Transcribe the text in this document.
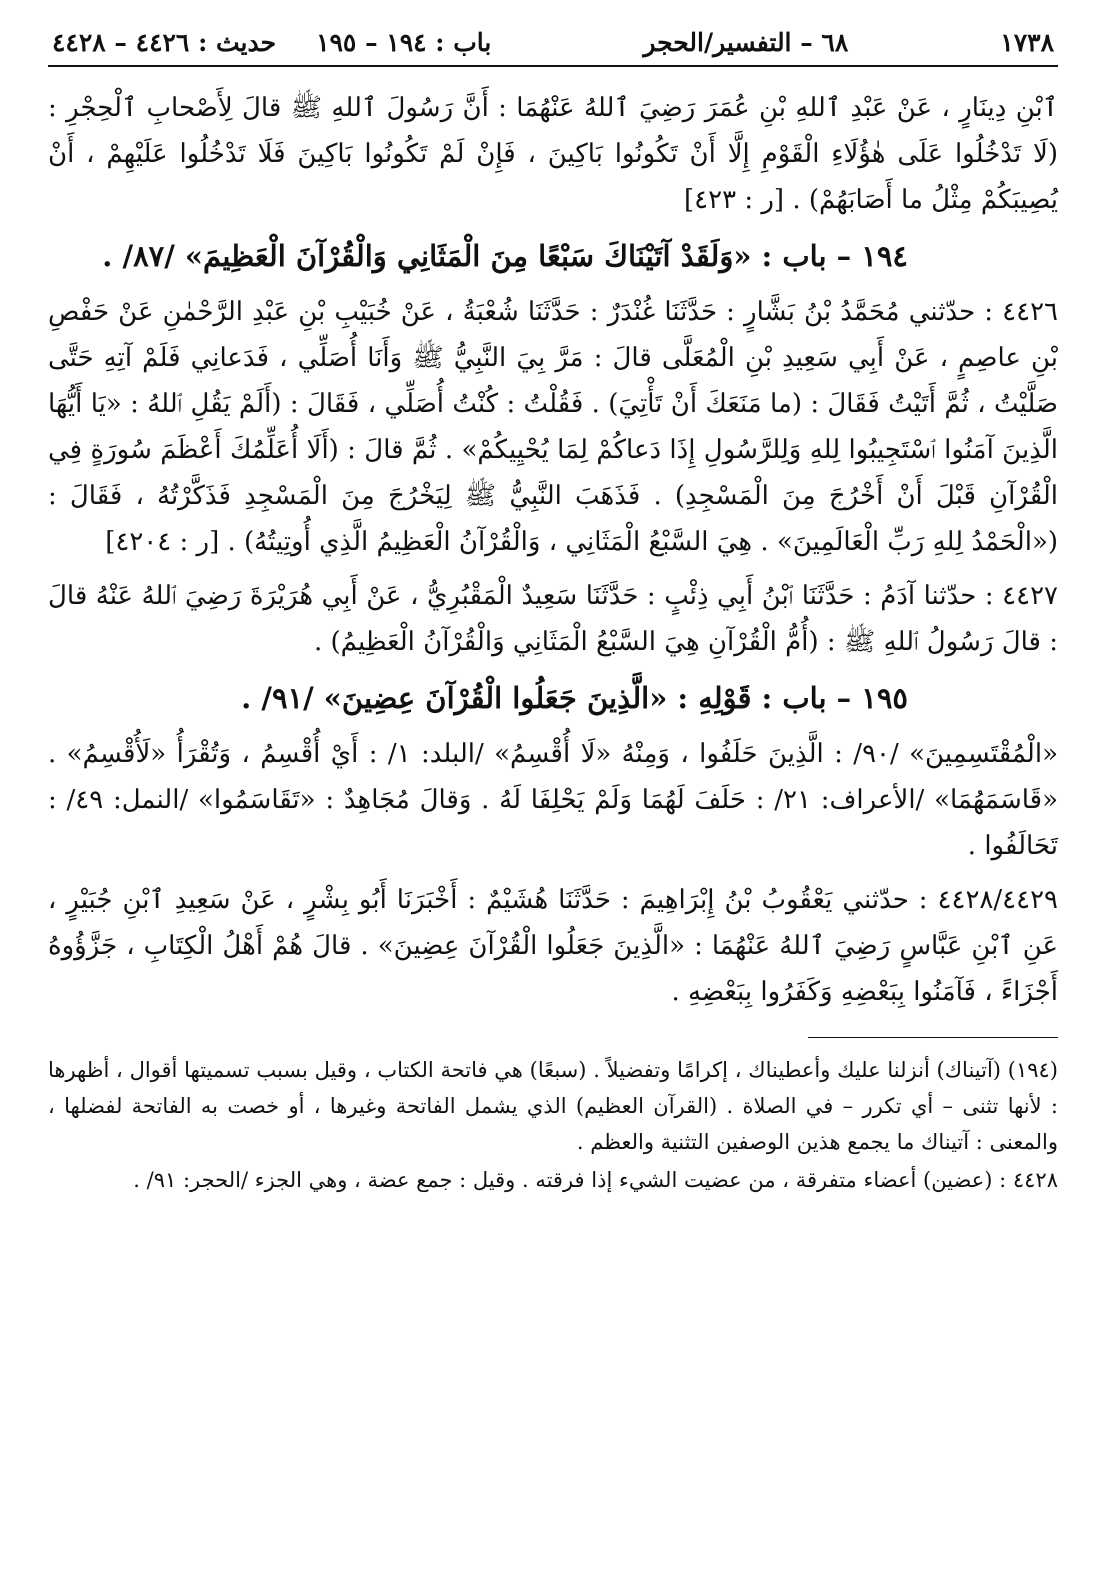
١٧٣٨
٦٨ – التفسير/الحجر
باب : ١٩٤ – ١٩٥
حديث : ٤٤٢٦ – ٤٤٢٨

ٱبْنِ دِينَارٍ ، عَنْ عَبْدِ ٱللهِ بْنِ عُمَرَ رَضِيَ ٱللهُ عَنْهُمَا : أَنَّ رَسُولَ ٱللهِ ﷺ قالَ لِأَصْحابِ ٱلْحِجْرِ : (لَا تَدْخُلُوا عَلَى هٰؤُلَاءِ الْقَوْمِ إِلَّا أَنْ تَكُونُوا بَاكِينَ ، فَإِنْ لَمْ تَكُونُوا بَاكِينَ فَلَا تَدْخُلُوا عَلَيْهِمْ ، أَنْ يُصِيبَكُمْ مِثْلُ ما أَصَابَهُمْ) . [ر : ٤٢٣]

١٩٤ – باب : «وَلَقَدْ آتَيْنَاكَ سَبْعًا مِنَ الْمَثَانِي وَالْقُرْآنَ الْعَظِيمَ» /٨٧/ .

٤٤٢٦ : حدّثني مُحَمَّدُ بْنُ بَشَّارٍ : حَدَّثَنَا غُنْدَرٌ : حَدَّثَنَا شُعْبَةُ ، عَنْ خُبَيْبِ بْنِ عَبْدِ الرَّحْمٰنِ عَنْ حَفْصِ بْنِ عاصِمٍ ، عَنْ أَبِي سَعِيدِ بْنِ الْمُعَلَّى قالَ : مَرَّ بِيَ النَّبِيُّ ﷺ وَأَنَا أُصَلِّي ، فَدَعانِي فَلَمْ آتِهِ حَتَّى صَلَّيْتُ ، ثُمَّ أَتَيْتُ فَقَالَ : (ما مَنَعَكَ أَنْ تَأْتِيَ) . فَقُلْتُ : كُنْتُ أُصَلِّي ، فَقَالَ : (أَلَمْ يَقُلِ ٱللهُ : «يَا أَيُّهَا الَّذِينَ آمَنُوا ٱسْتَجِيبُوا لِلهِ وَلِلرَّسُولِ إِذَا دَعاكُمْ لِمَا يُحْيِيكُمْ» . ثُمَّ قالَ : (أَلَا أُعَلِّمُكَ أَعْظَمَ سُورَةٍ فِي الْقُرْآنِ قَبْلَ أَنْ أَخْرُجَ مِنَ الْمَسْجِدِ) . فَذَهَبَ النَّبِيُّ ﷺ لِيَخْرُجَ مِنَ الْمَسْجِدِ فَذَكَّرْتُهُ ، فَقَالَ : («الْحَمْدُ لِلهِ رَبِّ الْعَالَمِينَ» . هِيَ السَّبْعُ الْمَثَانِي ، وَالْقُرْآنُ الْعَظِيمُ الَّذِي أُوتِيتُهُ) . [ر : ٤٢٠٤]

٤٤٢٧ : حدّثنا آدَمُ : حَدَّثَنَا ٱبْنُ أَبِي ذِئْبٍ : حَدَّثَنَا سَعِيدٌ الْمَقْبُرِيُّ ، عَنْ أَبِي هُرَيْرَةَ رَضِيَ ٱللهُ عَنْهُ قالَ : قالَ رَسُولُ ٱللهِ ﷺ : (أُمُّ الْقُرْآنِ هِيَ السَّبْعُ الْمَثَانِي وَالْقُرْآنُ الْعَظِيمُ) .

١٩٥ – باب : قَوْلِهِ : «الَّذِينَ جَعَلُوا الْقُرْآنَ عِضِينَ» /٩١/ .

«الْمُقْتَسِمِينَ» /٩٠/ : الَّذِينَ حَلَفُوا ، وَمِنْهُ «لَا أُقْسِمُ» /البلد: ١/ : أَيْ أُقْسِمُ ، وَتُقْرَأُ «لَأُقْسِمُ» . «قَاسَمَهُمَا» /الأعراف: ٢١/ : حَلَفَ لَهُمَا وَلَمْ يَحْلِفَا لَهُ . وَقالَ مُجَاهِدٌ : «تَقَاسَمُوا» /النمل: ٤٩/ : تَحَالَفُوا .

٤٤٢٨/٤٤٢٩ : حدّثني يَعْقُوبُ بْنُ إِبْرَاهِيمَ : حَدَّثَنَا هُشَيْمٌ : أَخْبَرَنَا أَبُو بِشْرٍ ، عَنْ سَعِيدِ ٱبْنِ جُبَيْرٍ ، عَنِ ٱبْنِ عَبَّاسٍ رَضِيَ ٱللهُ عَنْهُمَا : «الَّذِينَ جَعَلُوا الْقُرْآنَ عِضِينَ» . قالَ هُمْ أَهْلُ الْكِتَابِ ، جَزَّؤُوهُ أَجْزَاءً ، فَآمَنُوا بِبَعْضِهِ وَكَفَرُوا بِبَعْضِهِ .

(١٩٤) (آتيناك) أنزلنا عليك وأعطيناك ، إكرامًا وتفضيلاً . (سبعًا) هي فاتحة الكتاب ، وقيل بسبب تسميتها أقوال ، أظهرها : لأنها تثنى – أي تكرر – في الصلاة . (القرآن العظيم) الذي يشمل الفاتحة وغيرها ، أو خصت به الفاتحة لفضلها ، والمعنى : آتيناك ما يجمع هذين الوصفين التثنية والعظم .

٤٤٢٨ : (عضين) أعضاء متفرقة ، من عضيت الشيء إذا فرقته . وقيل : جمع عضة ، وهي الجزء /الحجر: ٩١/ .
